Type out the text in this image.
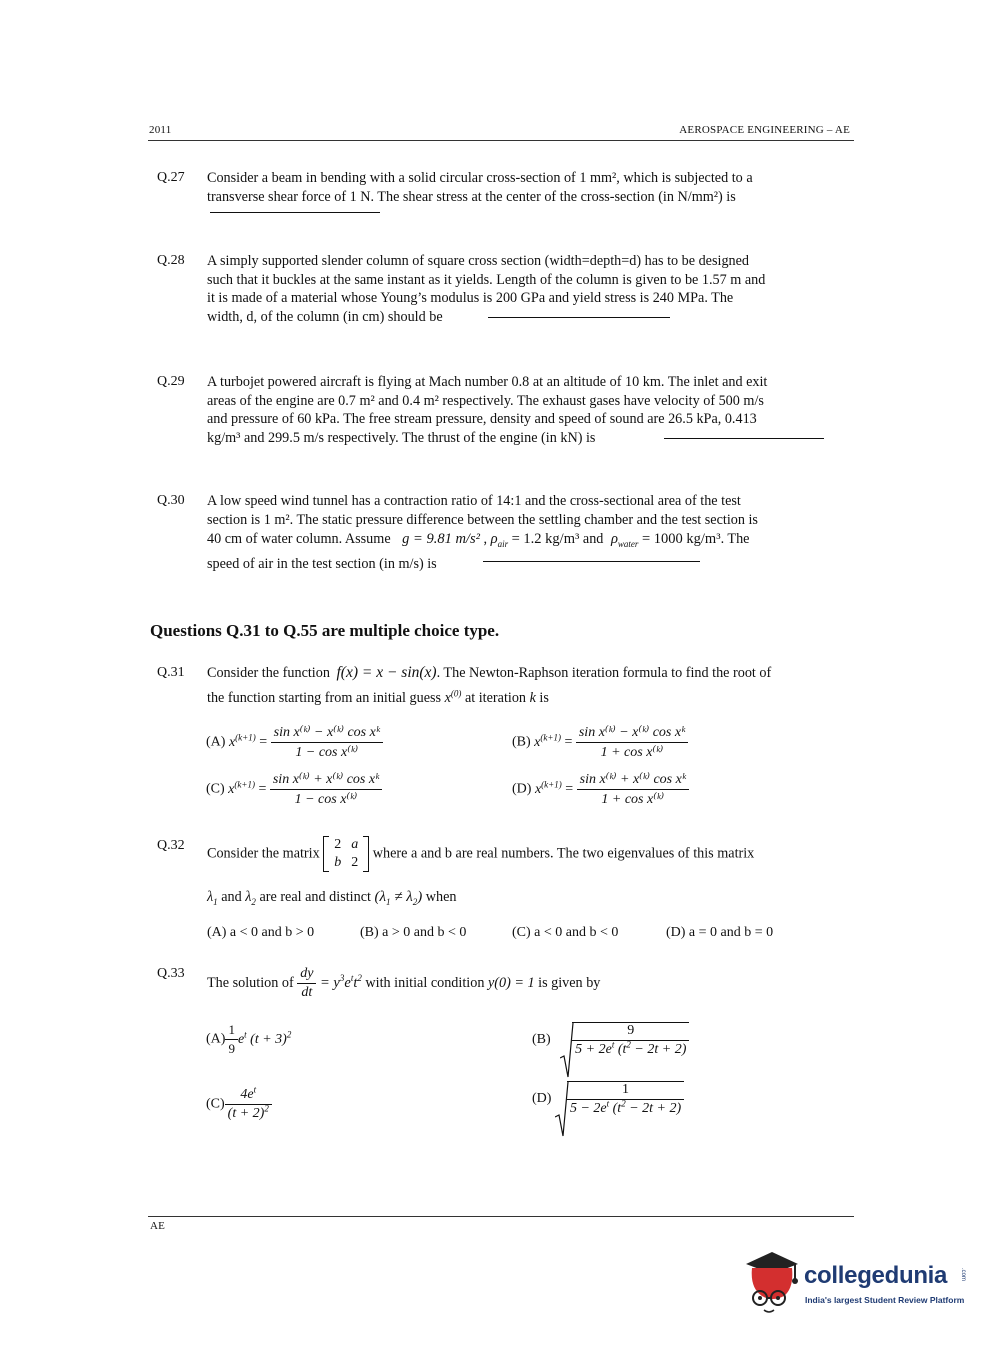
2011	AEROSPACE ENGINEERING – AE
Q.27 Consider a beam in bending with a solid circular cross-section of 1 mm², which is subjected to a
transverse shear force of 1 N. The shear stress at the center of the cross-section (in N/mm²) is
Q.28 A simply supported slender column of square cross section (width=depth=d) has to be designed
such that it buckles at the same instant as it yields. Length of the column is given to be 1.57 m and
it is made of a material whose Young’s modulus is 200 GPa and yield stress is 240 MPa. The
width, d, of the column (in cm) should be
Q.29 A turbojet powered aircraft is flying at Mach number 0.8 at an altitude of 10 km. The inlet and exit
areas of the engine are 0.7 m² and 0.4 m² respectively. The exhaust gases have velocity of 500 m/s
and pressure of 60 kPa. The free stream pressure, density and speed of sound are 26.5 kPa, 0.413
kg/m³ and 299.5 m/s respectively. The thrust of the engine (in kN) is
Q.30 A low speed wind tunnel has a contraction ratio of 14:1 and the cross-sectional area of the test
section is 1 m². The static pressure difference between the settling chamber and the test section is
40 cm of water column. Assume g = 9.81 m/s² , $\rho_{air} = 1.2$ kg/m³ and $\rho_{water} = 1000$ kg/m³. The
speed of air in the test section (in m/s) is
Questions Q.31 to Q.55 are multiple choice type.
Q.31 Consider the function f(x) = x − sin(x). The Newton-Raphson iteration formula to find the root of
the function starting from an initial guess $x^{(0)}$ at iteration k is
(A) $x^{(k+1)} = \frac{\text{sin x⁽ᵏ⁾ − x⁽ᵏ⁾ cos xᵏ}}{\text{1 − cos x⁽ᵏ⁾}}$	(B) $x^{(k+1)} = \frac{\text{sin x⁽ᵏ⁾ − x⁽ᵏ⁾ cos xᵏ}}{\text{1 + cos x⁽ᵏ⁾}}$
(C) $x^{(k+1)} = \frac{\text{sin x⁽ᵏ⁾ + x⁽ᵏ⁾ cos xᵏ}}{\text{1 − cos x⁽ᵏ⁾}}$	(D) $x^{(k+1)} = \frac{\text{sin x⁽ᵏ⁾ + x⁽ᵏ⁾ cos xᵏ}}{\text{1 + cos x⁽ᵏ⁾}}$
Q.32 Consider the matrix
2	a
b	2
where a and b are real numbers. The two eigenvalues of this matrix
$\lambda_1$ and $\lambda_2$ are real and distinct $(\lambda_1 \ne \lambda_2)$ when
(A) a < 0 and b > 0	(B) a > 0 and b < 0	(C) a < 0 and b < 0	(D) a = 0 and b = 0
Q.33
The solution of $\frac{dy}{dt} = y^3e^tt^2$ with initial condition y(0) = 1 is given by
$(A) \frac{1}{9} e^t$ $(t + 3)^2$	$(B) \frac{9}{5 + 2e^t (t^2 - 2t + 2)}$
$(C) \frac{4e^t}{(t + 2)^2}$	$(D) \frac{1}{5 - 2e^t (t^2 - 2t + 2)}$
AE
collegedunia .com
India's largest Student Review Platform
